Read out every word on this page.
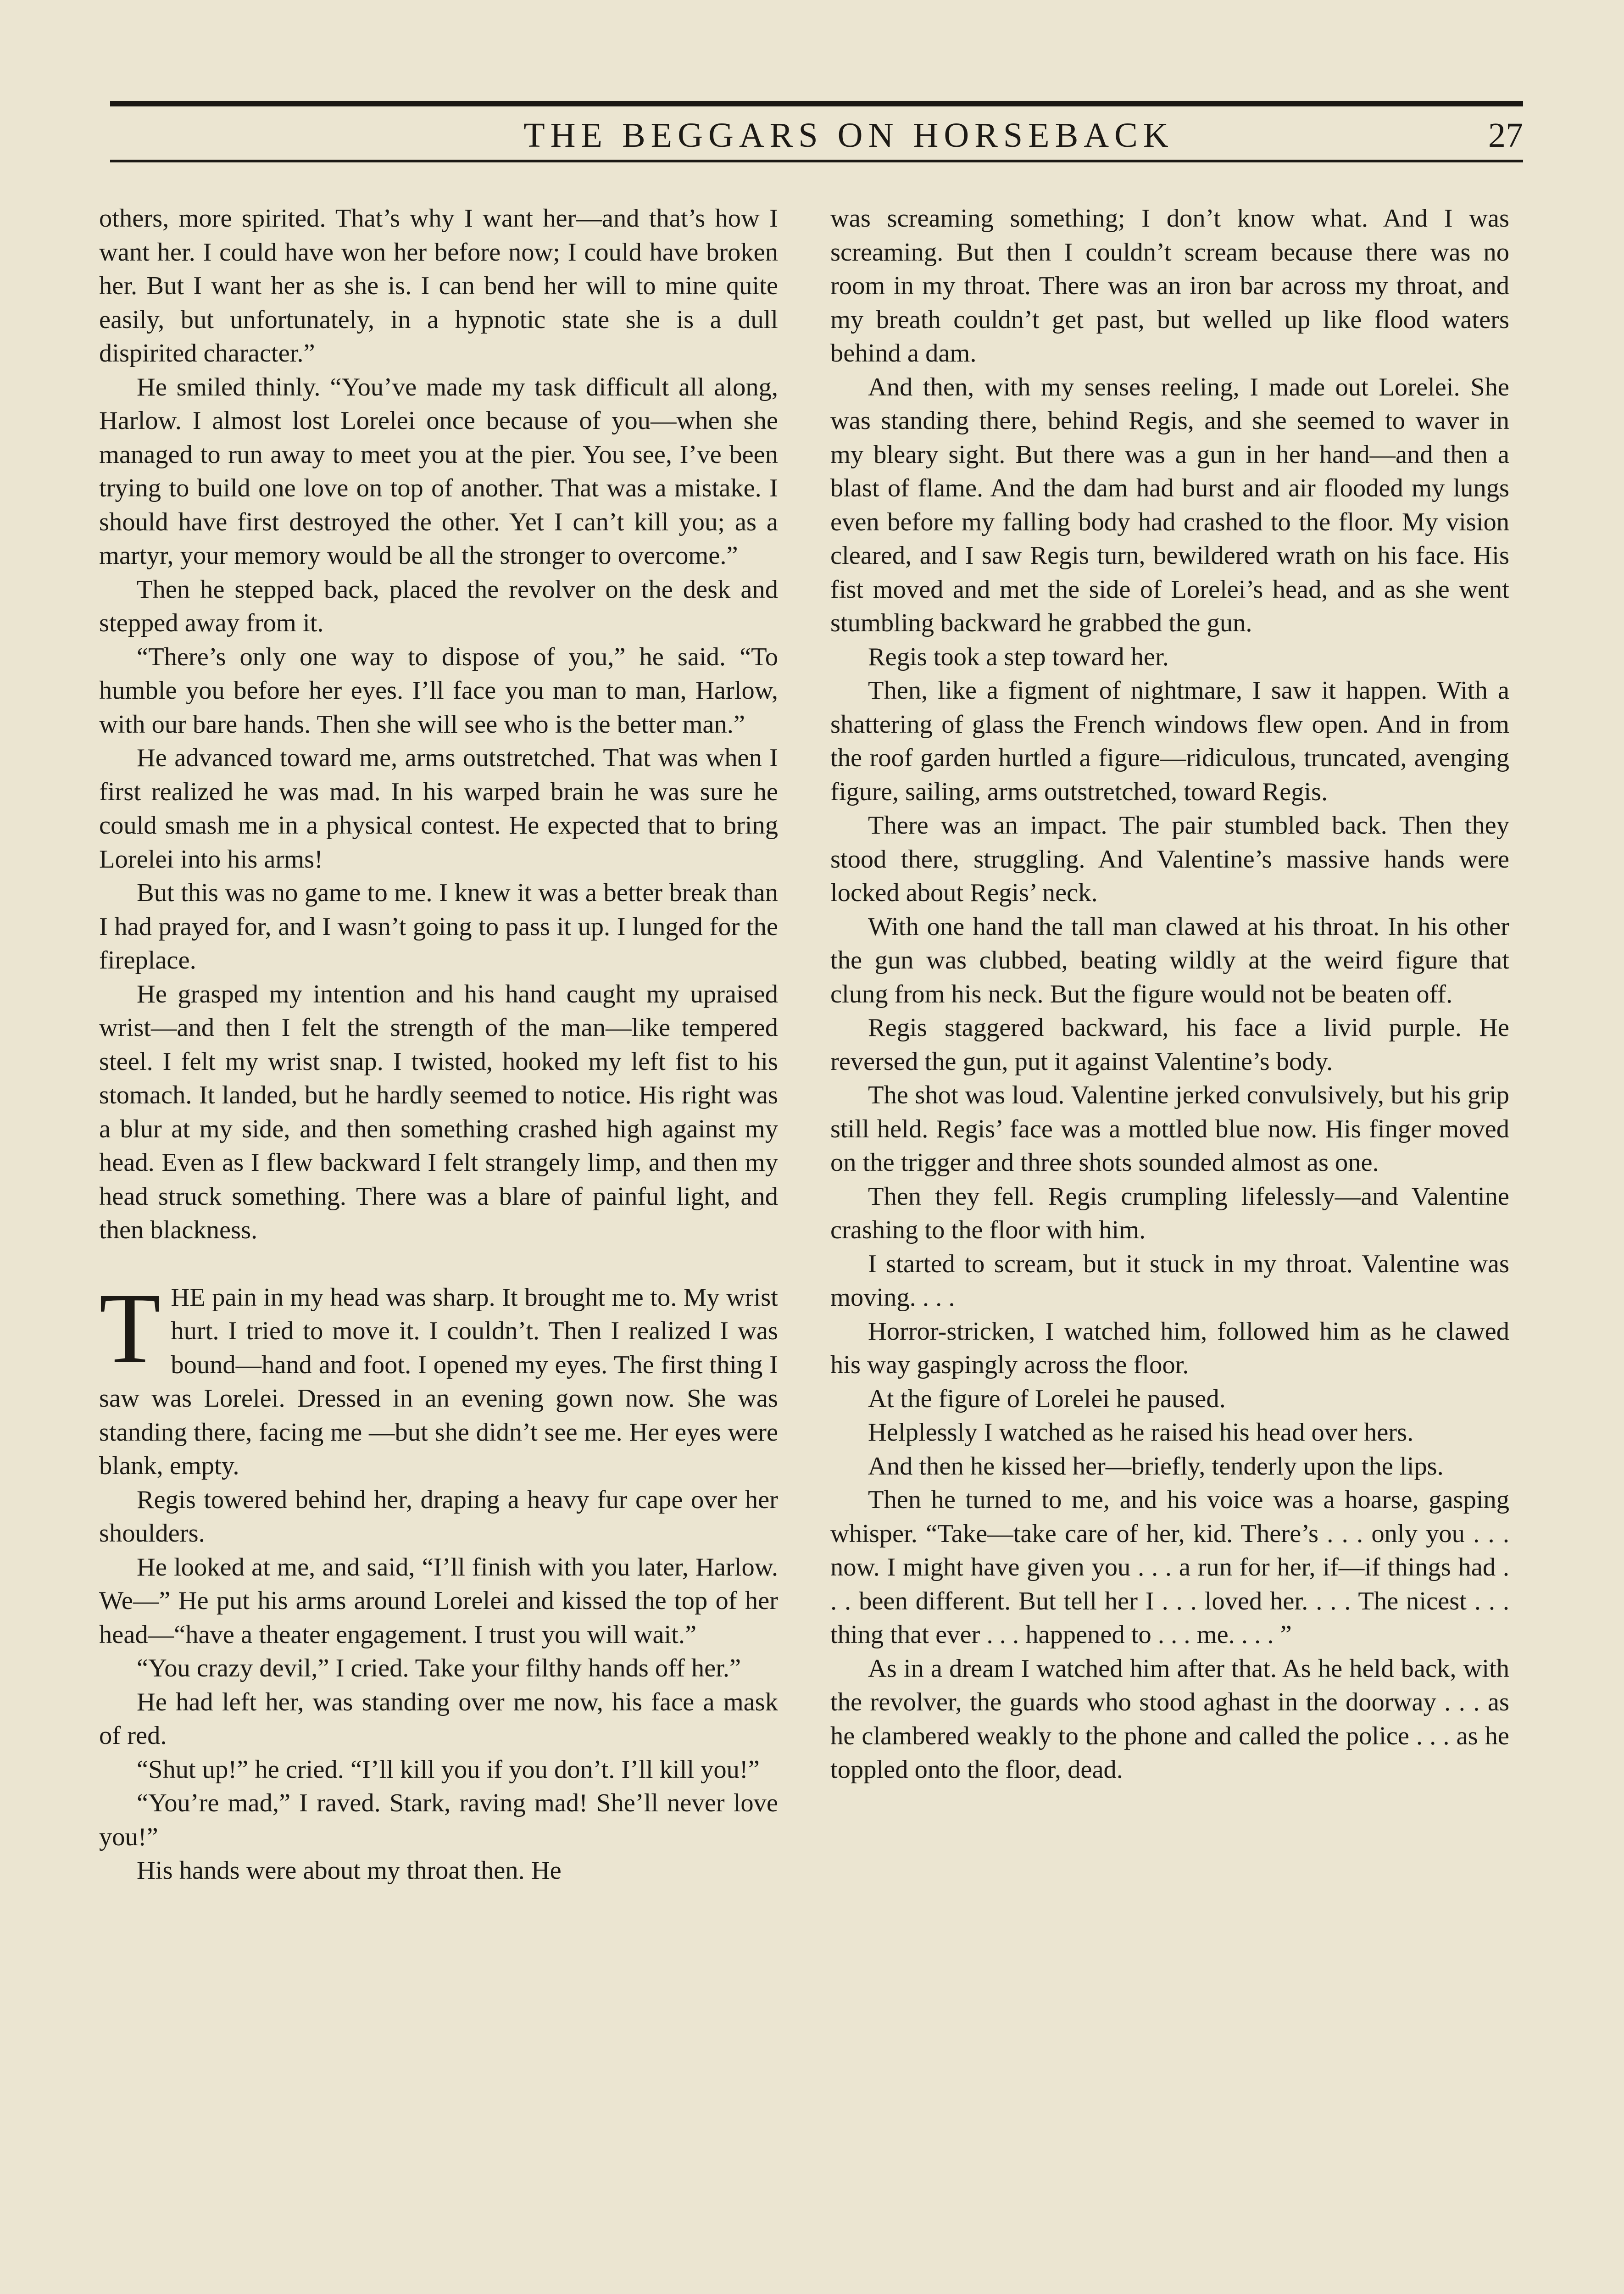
THE BEGGARS ON HORSEBACK	27

others, more spirited. That’s why I want her—and that’s how I want her. I could have won her before now; I could have broken her. But I want her as she is. I can bend her will to mine quite easily, but unfortunately, in a hypnotic state she is a dull dispirited character.”

He smiled thinly. “You’ve made my task difficult all along, Harlow. I almost lost Lorelei once because of you—when she managed to run away to meet you at the pier. You see, I’ve been trying to build one love on top of another. That was a mistake. I should have first destroyed the other. Yet I can’t kill you; as a martyr, your memory would be all the stronger to overcome.”

Then he stepped back, placed the revolver on the desk and stepped away from it.

“There’s only one way to dispose of you,” he said. “To humble you before her eyes. I’ll face you man to man, Harlow, with our bare hands. Then she will see who is the better man.”

He advanced toward me, arms outstretched. That was when I first realized he was mad. In his warped brain he was sure he could smash me in a physical contest. He expected that to bring Lorelei into his arms!

But this was no game to me. I knew it was a better break than I had prayed for, and I wasn’t going to pass it up. I lunged for the fireplace.

He grasped my intention and his hand caught my upraised wrist—and then I felt the strength of the man—like tempered steel. I felt my wrist snap. I twisted, hooked my left fist to his stomach. It landed, but he hardly seemed to notice. His right was a blur at my side, and then something crashed high against my head. Even as I flew backward I felt strangely limp, and then my head struck something. There was a blare of painful light, and then blackness.

T HE pain in my head was sharp. It brought me to. My wrist hurt. I tried to move it. I couldn’t. Then I realized I was bound—hand and foot. I opened my eyes. The first thing I saw was Lorelei. Dressed in an evening gown now. She was standing there, facing me —but she didn’t see me. Her eyes were blank, empty.

Regis towered behind her, draping a heavy fur cape over her shoulders.

He looked at me, and said, “I’ll finish with you later, Harlow. We—” He put his arms around Lorelei and kissed the top of her head—“have a theater engagement. I trust you will wait.”

“You crazy devil,” I cried. Take your filthy hands off her.”

He had left her, was standing over me now, his face a mask of red.

“Shut up!” he cried. “I’ll kill you if you don’t. I’ll kill you!”

“You’re mad,” I raved. Stark, raving mad! She’ll never love you!”

His hands were about my throat then. He

was screaming something; I don’t know what. And I was screaming. But then I couldn’t scream because there was no room in my throat. There was an iron bar across my throat, and my breath couldn’t get past, but welled up like flood waters behind a dam.

And then, with my senses reeling, I made out Lorelei. She was standing there, behind Regis, and she seemed to waver in my bleary sight. But there was a gun in her hand—and then a blast of flame. And the dam had burst and air flooded my lungs even before my falling body had crashed to the floor. My vision cleared, and I saw Regis turn, bewildered wrath on his face. His fist moved and met the side of Lorelei’s head, and as she went stumbling backward he grabbed the gun.

Regis took a step toward her.

Then, like a figment of nightmare, I saw it happen. With a shattering of glass the French windows flew open. And in from the roof garden hurtled a figure—ridiculous, truncated, avenging figure, sailing, arms outstretched, toward Regis.

There was an impact. The pair stumbled back. Then they stood there, struggling. And Valentine’s massive hands were locked about Regis’ neck.

With one hand the tall man clawed at his throat. In his other the gun was clubbed, beating wildly at the weird figure that clung from his neck. But the figure would not be beaten off.

Regis staggered backward, his face a livid purple. He reversed the gun, put it against Valentine’s body.

The shot was loud. Valentine jerked convulsively, but his grip still held. Regis’ face was a mottled blue now. His finger moved on the trigger and three shots sounded almost as one.

Then they fell. Regis crumpling lifelessly—and Valentine crashing to the floor with him.

I started to scream, but it stuck in my throat. Valentine was moving. . . .

Horror-stricken, I watched him, followed him as he clawed his way gaspingly across the floor.

At the figure of Lorelei he paused.

Helplessly I watched as he raised his head over hers.

And then he kissed her—briefly, tenderly upon the lips.

Then he turned to me, and his voice was a hoarse, gasping whisper. “Take—take care of her, kid. There’s . . . only you . . . now. I might have given you . . . a run for her, if—if things had . . . been different. But tell her I . . . loved her. . . . The nicest . . . thing that ever . . . happened to . . . me. . . . ”

As in a dream I watched him after that. As he held back, with the revolver, the guards who stood aghast in the doorway . . . as he clambered weakly to the phone and called the police . . . as he toppled onto the floor, dead.
